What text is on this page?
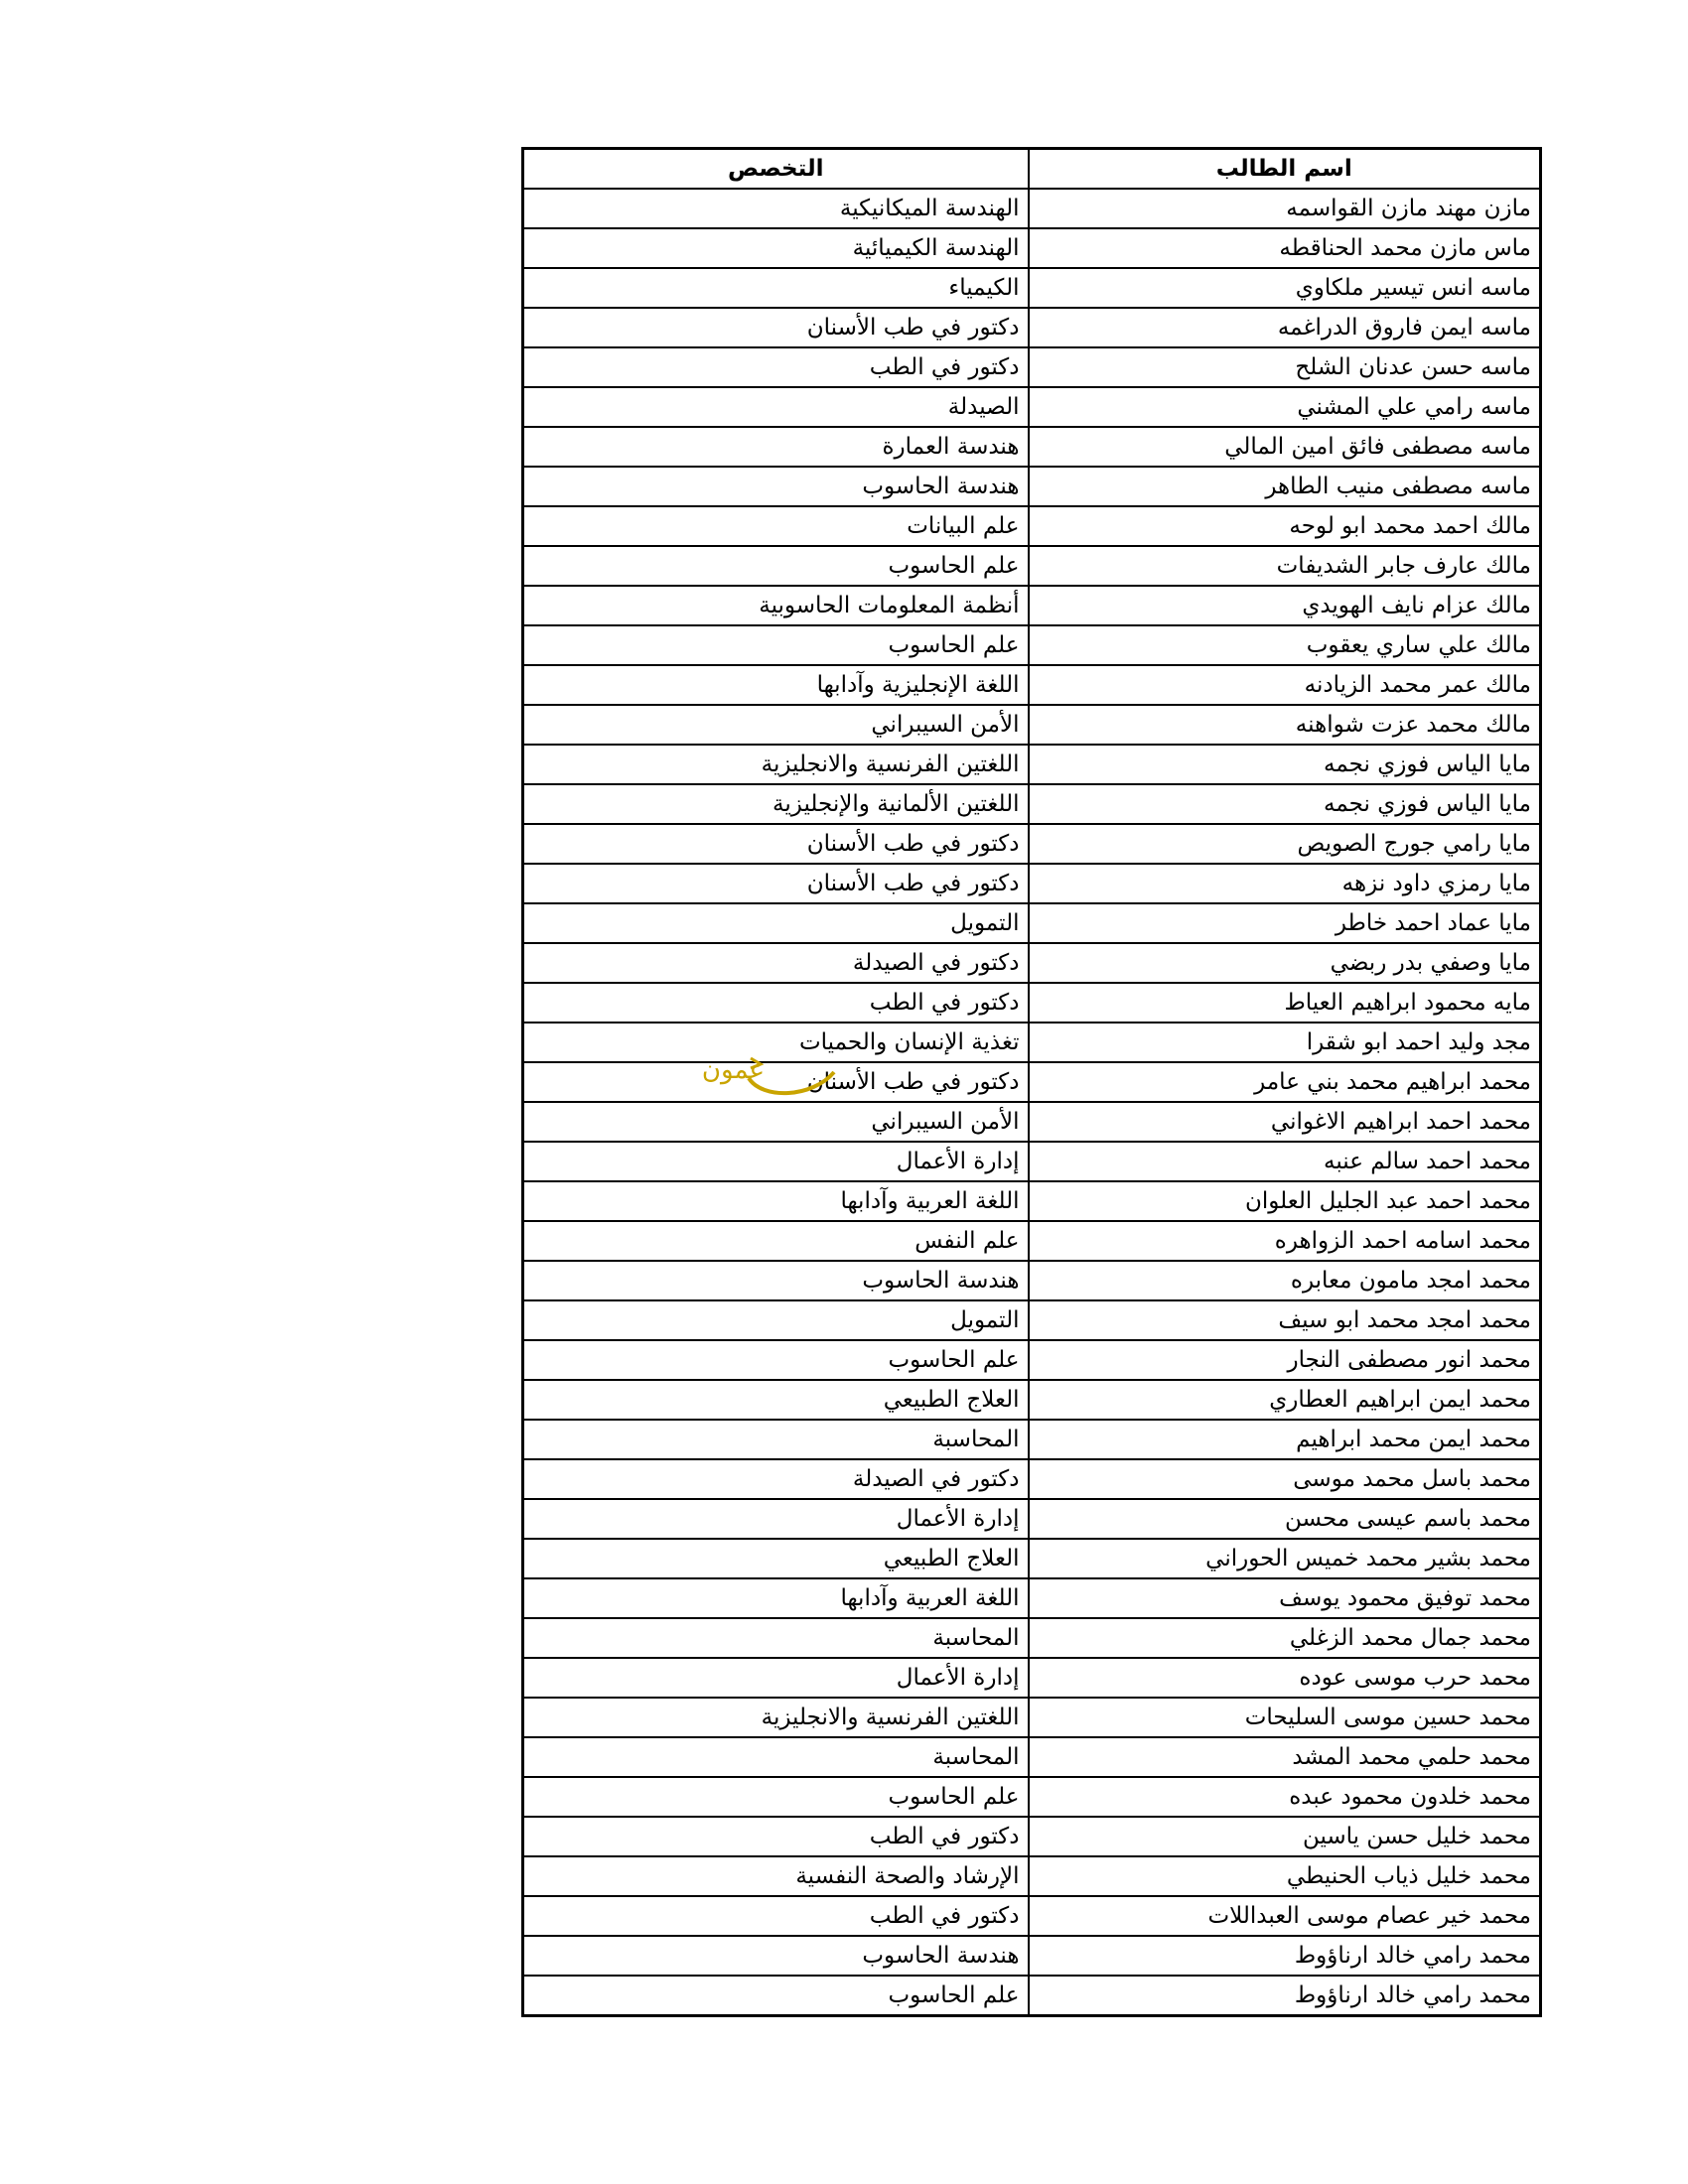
اسم الطالب	التخصص
مازن مهند مازن القواسمه	الهندسة الميكانيكية
ماس مازن محمد الحناقطه	الهندسة الكيميائية
ماسه انس تيسير ملكاوي	الكيمياء
ماسه ايمن فاروق الدراغمه	دكتور في طب الأسنان
ماسه حسن عدنان الشلح	دكتور في الطب
ماسه رامي علي المشني	الصيدلة
ماسه مصطفى فائق امين المالي	هندسة العمارة
ماسه مصطفى منيب الطاهر	هندسة الحاسوب
مالك احمد محمد ابو لوحه	علم البيانات
مالك عارف جابر الشديفات	علم الحاسوب
مالك عزام نايف الهويدي	أنظمة المعلومات الحاسوبية
مالك علي ساري يعقوب	علم الحاسوب
مالك عمر محمد الزيادنه	اللغة الإنجليزية وآدابها
مالك محمد عزت شواهنه	الأمن السيبراني
مايا الياس فوزي نجمه	اللغتين الفرنسية والانجليزية
مايا الياس فوزي نجمه	اللغتين الألمانية والإنجليزية
مايا رامي جورج الصويص	دكتور في طب الأسنان
مايا رمزي داود نزهه	دكتور في طب الأسنان
مايا عماد احمد خاطر	التمويل
مايا وصفي بدر ربضي	دكتور في الصيدلة
مايه محمود ابراهيم العياط	دكتور في الطب
مجد وليد احمد ابو شقرا	تغذية الإنسان والحميات
محمد ابراهيم محمد بني عامر	دكتور في طب الأسنان
محمد احمد ابراهيم الاغواني	الأمن السيبراني
محمد احمد سالم عنبه	إدارة الأعمال
محمد احمد عبد الجليل العلوان	اللغة العربية وآدابها
محمد اسامه احمد الزواهره	علم النفس
محمد امجد مامون معابره	هندسة الحاسوب
محمد امجد محمد ابو سيف	التمويل
محمد انور مصطفى النجار	علم الحاسوب
محمد ايمن ابراهيم العطاري	العلاج الطبيعي
محمد ايمن محمد ابراهيم	المحاسبة
محمد باسل محمد موسى	دكتور في الصيدلة
محمد باسم عيسى محسن	إدارة الأعمال
محمد بشير محمد خميس الحوراني	العلاج الطبيعي
محمد توفيق محمود يوسف	اللغة العربية وآدابها
محمد جمال محمد الزغلي	المحاسبة
محمد حرب موسى عوده	إدارة الأعمال
محمد حسين موسى السليحات	اللغتين الفرنسية والانجليزية
محمد حلمي محمد المشد	المحاسبة
محمد خلدون محمود عبده	علم الحاسوب
محمد خليل حسن ياسين	دكتور في الطب
محمد خليل ذياب الحنيطي	الإرشاد والصحة النفسية
محمد خير عصام موسى العبداللات	دكتور في الطب
محمد رامي خالد ارناؤوط	هندسة الحاسوب
محمد رامي خالد ارناؤوط	علم الحاسوب
عمون
